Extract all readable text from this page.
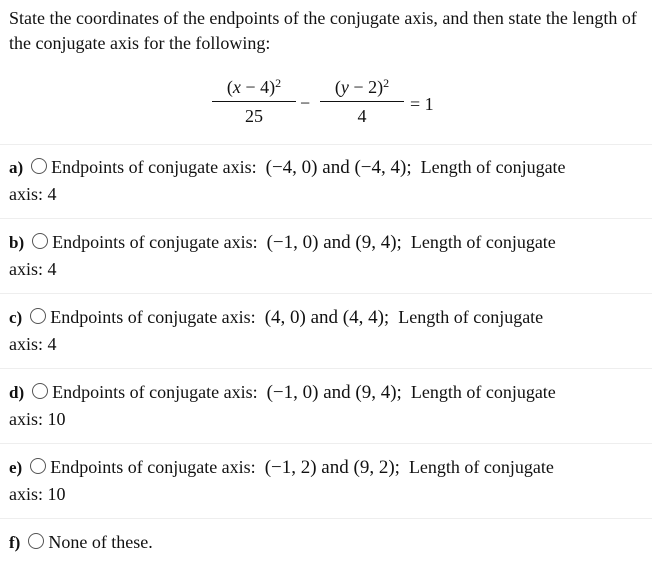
State the coordinates of the endpoints of the conjugate axis, and then state the length of the conjugate axis for the following:
$(x - 4)^2$
25
−
$(y - 2)^2$
4
= 1
a) Endpoints of conjugate axis: (−4, 0) and (−4, 4); Length of conjugate
axis: 4
b) Endpoints of conjugate axis: (−1, 0) and (9, 4); Length of conjugate
axis: 4
c) Endpoints of conjugate axis: (4, 0) and (4, 4); Length of conjugate
axis: 4
d) Endpoints of conjugate axis: (−1, 0) and (9, 4); Length of conjugate
axis: 10
e) Endpoints of conjugate axis: (−1, 2) and (9, 2); Length of conjugate
axis: 10
f) None of these.
